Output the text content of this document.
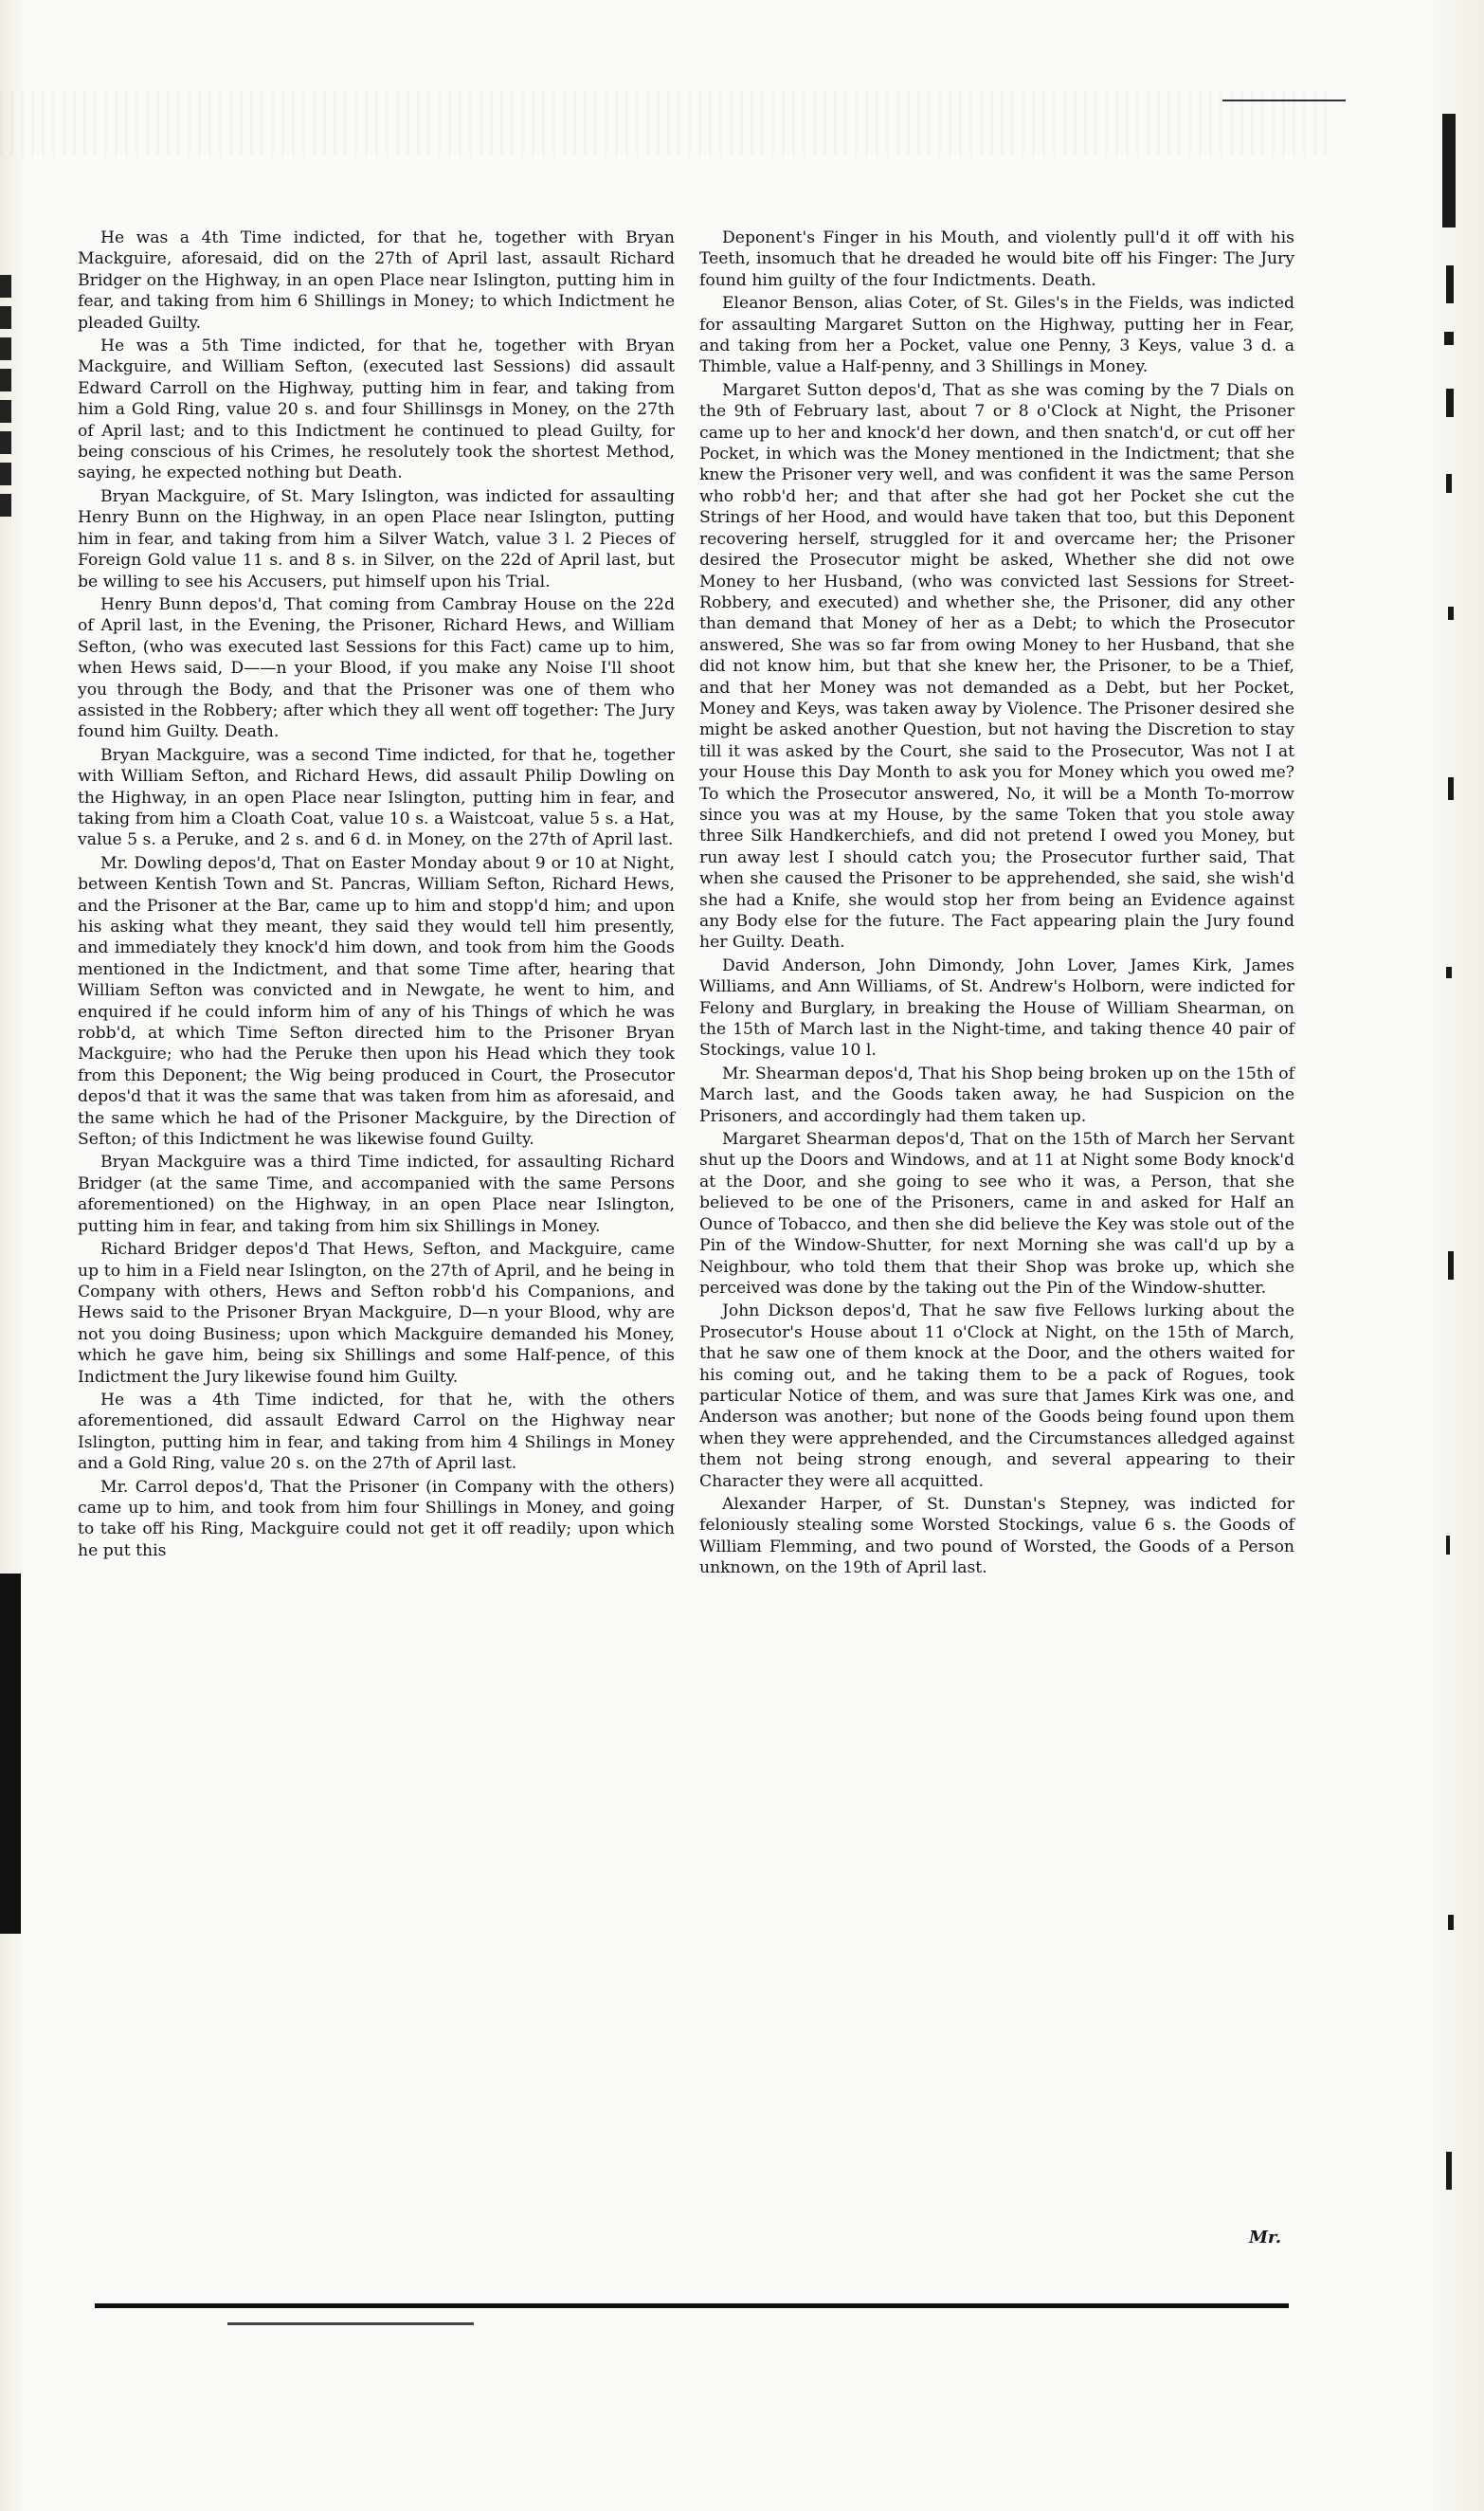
He was a 4th Time indicted, for that he, together with Bryan Mackguire, aforesaid, did on the 27th of April last, assault Richard Bridger on the Highway, in an open Place near Islington, putting him in fear, and taking from him 6 Shillings in Money; to which Indictment he pleaded Guilty.

He was a 5th Time indicted, for that he, together with Bryan Mackguire, and William Sefton, (executed last Sessions) did assault Edward Carroll on the Highway, putting him in fear, and taking from him a Gold Ring, value 20 s. and four Shillinsgs in Money, on the 27th of April last; and to this Indictment he continued to plead Guilty, for being conscious of his Crimes, he resolutely took the shortest Method, saying, he expected nothing but Death.

Bryan Mackguire, of St. Mary Islington, was indicted for assaulting Henry Bunn on the Highway, in an open Place near Islington, putting him in fear, and taking from him a Silver Watch, value 3 l. 2 Pieces of Foreign Gold value 11 s. and 8 s. in Silver, on the 22d of April last, but be willing to see his Accusers, put himself upon his Trial.

Henry Bunn depos'd, That coming from Cambray House on the 22d of April last, in the Evening, the Prisoner, Richard Hews, and William Sefton, (who was executed last Sessions for this Fact) came up to him, when Hews said, D——n your Blood, if you make any Noise I'll shoot you through the Body, and that the Prisoner was one of them who assisted in the Robbery; after which they all went off together: The Jury found him Guilty. Death.

Bryan Mackguire, was a second Time indicted, for that he, together with William Sefton, and Richard Hews, did assault Philip Dowling on the Highway, in an open Place near Islington, putting him in fear, and taking from him a Cloath Coat, value 10 s. a Waistcoat, value 5 s. a Hat, value 5 s. a Peruke, and 2 s. and 6 d. in Money, on the 27th of April last.

Mr. Dowling depos'd, That on Easter Monday about 9 or 10 at Night, between Kentish Town and St. Pancras, William Sefton, Richard Hews, and the Prisoner at the Bar, came up to him and stopp'd him; and upon his asking what they meant, they said they would tell him presently, and immediately they knock'd him down, and took from him the Goods mentioned in the Indictment, and that some Time after, hearing that William Sefton was convicted and in Newgate, he went to him, and enquired if he could inform him of any of his Things of which he was robb'd, at which Time Sefton directed him to the Prisoner Bryan Mackguire; who had the Peruke then upon his Head which they took from this Deponent; the Wig being produced in Court, the Prosecutor depos'd that it was the same that was taken from him as aforesaid, and the same which he had of the Prisoner Mackguire, by the Direction of Sefton; of this Indictment he was likewise found Guilty.

Bryan Mackguire was a third Time indicted, for assaulting Richard Bridger (at the same Time, and accompanied with the same Persons aforementioned) on the Highway, in an open Place near Islington, putting him in fear, and taking from him six Shillings in Money.

Richard Bridger depos'd That Hews, Sefton, and Mackguire, came up to him in a Field near Islington, on the 27th of April, and he being in Company with others, Hews and Sefton robb'd his Companions, and Hews said to the Prisoner Bryan Mackguire, D—n your Blood, why are not you doing Business; upon which Mackguire demanded his Money, which he gave him, being six Shillings and some Half-pence, of this Indictment the Jury likewise found him Guilty.

He was a 4th Time indicted, for that he, with the others aforementioned, did assault Edward Carrol on the Highway near Islington, putting him in fear, and taking from him 4 Shilings in Money and a Gold Ring, value 20 s. on the 27th of April last.

Mr. Carrol depos'd, That the Prisoner (in Company with the others) came up to him, and took from him four Shillings in Money, and going to take off his Ring, Mackguire could not get it off readily; upon which he put this

Deponent's Finger in his Mouth, and violently pull'd it off with his Teeth, insomuch that he dreaded he would bite off his Finger: The Jury found him guilty of the four Indictments. Death.

Eleanor Benson, alias Coter, of St. Giles's in the Fields, was indicted for assaulting Margaret Sutton on the Highway, putting her in Fear, and taking from her a Pocket, value one Penny, 3 Keys, value 3 d. a Thimble, value a Half-penny, and 3 Shillings in Money.

Margaret Sutton depos'd, That as she was coming by the 7 Dials on the 9th of February last, about 7 or 8 o'Clock at Night, the Prisoner came up to her and knock'd her down, and then snatch'd, or cut off her Pocket, in which was the Money mentioned in the Indictment; that she knew the Prisoner very well, and was confident it was the same Person who robb'd her; and that after she had got her Pocket she cut the Strings of her Hood, and would have taken that too, but this Deponent recovering herself, struggled for it and overcame her; the Prisoner desired the Prosecutor might be asked, Whether she did not owe Money to her Husband, (who was convicted last Sessions for Street-Robbery, and executed) and whether she, the Prisoner, did any other than demand that Money of her as a Debt; to which the Prosecutor answered, She was so far from owing Money to her Husband, that she did not know him, but that she knew her, the Prisoner, to be a Thief, and that her Money was not demanded as a Debt, but her Pocket, Money and Keys, was taken away by Violence. The Prisoner desired she might be asked another Question, but not having the Discretion to stay till it was asked by the Court, she said to the Prosecutor, Was not I at your House this Day Month to ask you for Money which you owed me? To which the Prosecutor answered, No, it will be a Month To-morrow since you was at my House, by the same Token that you stole away three Silk Handkerchiefs, and did not pretend I owed you Money, but run away lest I should catch you; the Prosecutor further said, That when she caused the Prisoner to be apprehended, she said, she wish'd she had a Knife, she would stop her from being an Evidence against any Body else for the future. The Fact appearing plain the Jury found her Guilty. Death.

David Anderson, John Dimondy, John Lover, James Kirk, James Williams, and Ann Williams, of St. Andrew's Holborn, were indicted for Felony and Burglary, in breaking the House of William Shearman, on the 15th of March last in the Night-time, and taking thence 40 pair of Stockings, value 10 l.

Mr. Shearman depos'd, That his Shop being broken up on the 15th of March last, and the Goods taken away, he had Suspicion on the Prisoners, and accordingly had them taken up.

Margaret Shearman depos'd, That on the 15th of March her Servant shut up the Doors and Windows, and at 11 at Night some Body knock'd at the Door, and she going to see who it was, a Person, that she believed to be one of the Prisoners, came in and asked for Half an Ounce of Tobacco, and then she did believe the Key was stole out of the Pin of the Window-Shutter, for next Morning she was call'd up by a Neighbour, who told them that their Shop was broke up, which she perceived was done by the taking out the Pin of the Window-shutter.

John Dickson depos'd, That he saw five Fellows lurking about the Prosecutor's House about 11 o'Clock at Night, on the 15th of March, that he saw one of them knock at the Door, and the others waited for his coming out, and he taking them to be a pack of Rogues, took particular Notice of them, and was sure that James Kirk was one, and Anderson was another; but none of the Goods being found upon them when they were apprehended, and the Circumstances alledged against them not being strong enough, and several appearing to their Character they were all acquitted.

Alexander Harper, of St. Dunstan's Stepney, was indicted for feloniously stealing some Worsted Stockings, value 6 s. the Goods of William Flemming, and two pound of Worsted, the Goods of a Person unknown, on the 19th of April last.

Mr.
